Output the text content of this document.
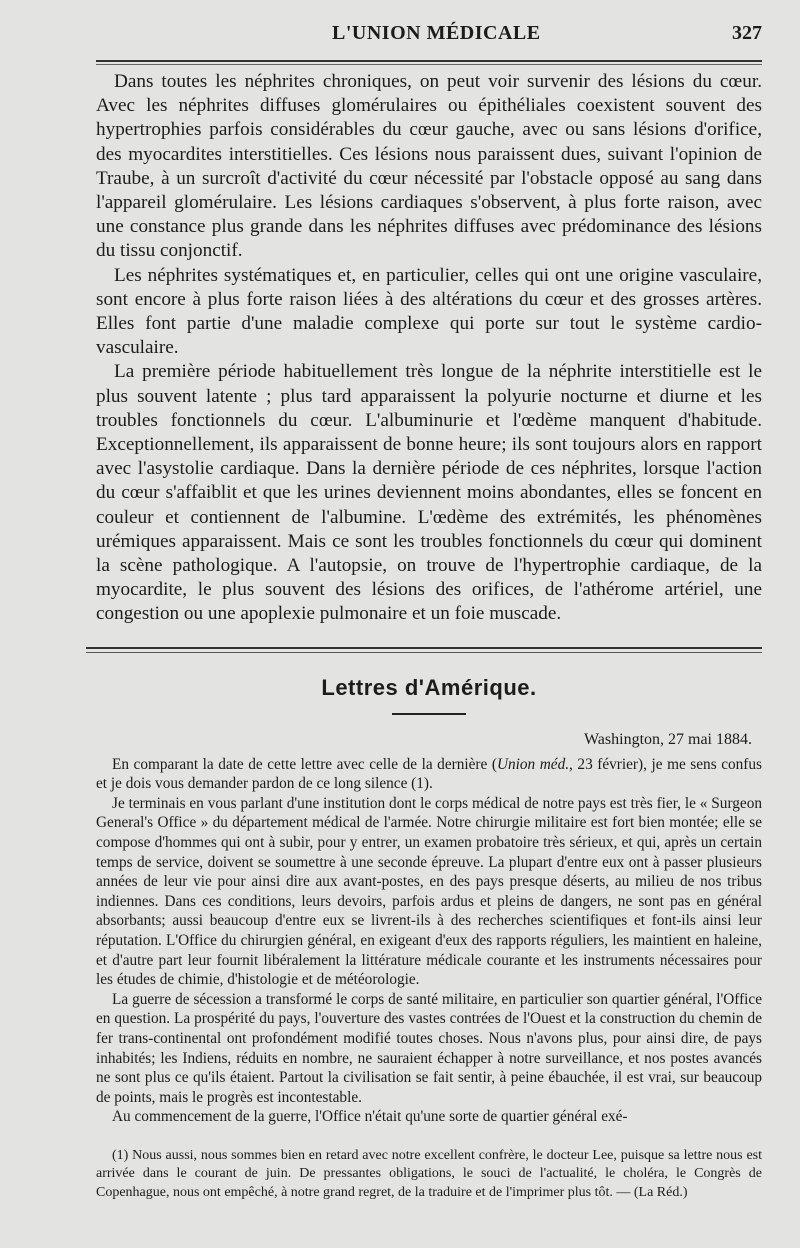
L'UNION MÉDICALE	327

Dans toutes les néphrites chroniques, on peut voir survenir des lésions du cœur. Avec les néphrites diffuses glomérulaires ou épithéliales coexistent souvent des hypertrophies parfois considérables du cœur gauche, avec ou sans lésions d'orifice, des myocardites interstitielles. Ces lésions nous paraissent dues, suivant l'opinion de Traube, à un surcroît d'activité du cœur nécessité par l'obstacle opposé au sang dans l'appareil glomérulaire. Les lésions cardiaques s'observent, à plus forte raison, avec une constance plus grande dans les néphrites diffuses avec prédominance des lésions du tissu conjonctif.

Les néphrites systématiques et, en particulier, celles qui ont une origine vasculaire, sont encore à plus forte raison liées à des altérations du cœur et des grosses artères. Elles font partie d'une maladie complexe qui porte sur tout le système cardio-vasculaire.

La première période habituellement très longue de la néphrite interstitielle est le plus souvent latente ; plus tard apparaissent la polyurie nocturne et diurne et les troubles fonctionnels du cœur. L'albuminurie et l'œdème manquent d'habitude. Exceptionnellement, ils apparaissent de bonne heure; ils sont toujours alors en rapport avec l'asystolie cardiaque. Dans la dernière période de ces néphrites, lorsque l'action du cœur s'affaiblit et que les urines deviennent moins abondantes, elles se foncent en couleur et contiennent de l'albumine. L'œdème des extrémités, les phénomènes urémiques apparaissent. Mais ce sont les troubles fonctionnels du cœur qui dominent la scène pathologique. A l'autopsie, on trouve de l'hypertrophie cardiaque, de la myocardite, le plus souvent des lésions des orifices, de l'athérome artériel, une congestion ou une apoplexie pulmonaire et un foie muscade.

Lettres d'Amérique.
Washington, 27 mai 1884.

En comparant la date de cette lettre avec celle de la dernière (Union méd., 23 février), je me sens confus et je dois vous demander pardon de ce long silence (1).

Je terminais en vous parlant d'une institution dont le corps médical de notre pays est très fier, le « Surgeon General's Office » du département médical de l'armée. Notre chirurgie militaire est fort bien montée; elle se compose d'hommes qui ont à subir, pour y entrer, un examen probatoire très sérieux, et qui, après un certain temps de service, doivent se soumettre à une seconde épreuve. La plupart d'entre eux ont à passer plusieurs années de leur vie pour ainsi dire aux avant-postes, en des pays presque déserts, au milieu de nos tribus indiennes. Dans ces conditions, leurs devoirs, parfois ardus et pleins de dangers, ne sont pas en général absorbants; aussi beaucoup d'entre eux se livrent-ils à des recherches scientifiques et font-ils ainsi leur réputation. L'Office du chirurgien général, en exigeant d'eux des rapports réguliers, les maintient en haleine, et d'autre part leur fournit libéralement la littérature médicale courante et les instruments nécessaires pour les études de chimie, d'histologie et de météorologie.

La guerre de sécession a transformé le corps de santé militaire, en particulier son quartier général, l'Office en question. La prospérité du pays, l'ouverture des vastes contrées de l'Ouest et la construction du chemin de fer trans-continental ont profondément modifié toutes choses. Nous n'avons plus, pour ainsi dire, de pays inhabités; les Indiens, réduits en nombre, ne sauraient échapper à notre surveillance, et nos postes avancés ne sont plus ce qu'ils étaient. Partout la civilisation se fait sentir, à peine ébauchée, il est vrai, sur beaucoup de points, mais le progrès est incontestable.

Au commencement de la guerre, l'Office n'était qu'une sorte de quartier général exé-

(1) Nous aussi, nous sommes bien en retard avec notre excellent confrère, le docteur Lee, puisque sa lettre nous est arrivée dans le courant de juin. De pressantes obligations, le souci de l'actualité, le choléra, le Congrès de Copenhague, nous ont empêché, à notre grand regret, de la traduire et de l'imprimer plus tôt. — (La Réd.)
